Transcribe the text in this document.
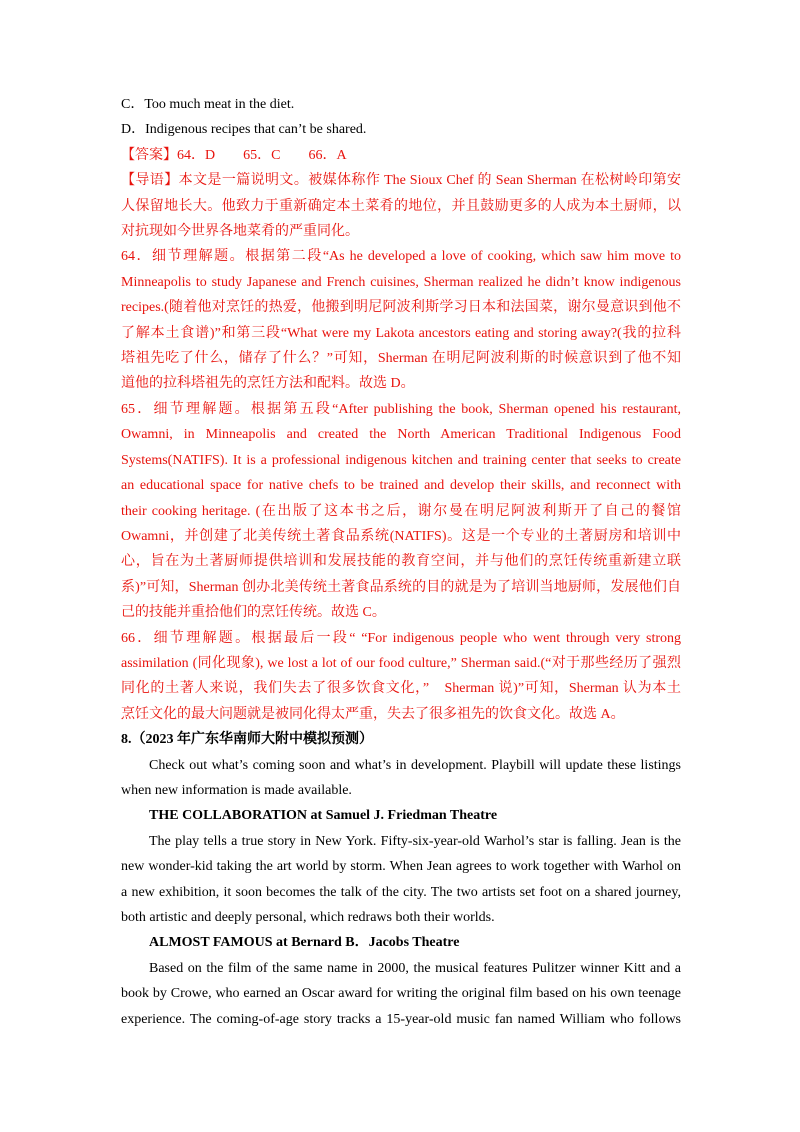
C．Too much meat in the diet.
D．Indigenous recipes that can’t be shared.
【答案】64．D　　65．C　　66．A
【导语】本文是一篇说明文。被媒体称作 The Sioux Chef 的 Sean Sherman 在松树岭印第安
人保留地长大。他致力于重新确定本土菜肴的地位，并且鼓励更多的人成为本土厨师，以
对抗现如今世界各地菜肴的严重同化。
64．细节理解题。根据第二段“As he developed a love of cooking, which saw him move to
Minneapolis to study Japanese and French cuisines, Sherman realized he didn’t know indigenous
recipes.(随着他对烹饪的热爱，他搬到明尼阿波利斯学习日本和法国菜，谢尔曼意识到他不
了解本土食谱)”和第三段“What were my Lakota ancestors eating and storing away?(我的拉科
塔祖先吃了什么，储存了什么？”可知，Sherman 在明尼阿波利斯的时候意识到了他不知
道他的拉科塔祖先的烹饪方法和配料。故选 D。
65．细节理解题。根据第五段“After publishing the book, Sherman opened his restaurant,
Owamni, in Minneapolis and created the North American Traditional Indigenous Food
Systems(NATIFS). It is a professional indigenous kitchen and training center that seeks to create
an educational space for native chefs to be trained and develop their skills, and reconnect with
their cooking heritage. (在出版了这本书之后，谢尔曼在明尼阿波利斯开了自己的餐馆
Owamni，并创建了北美传统土著食品系统(NATIFS)。这是一个专业的土著厨房和培训中
心，旨在为土著厨师提供培训和发展技能的教育空间，并与他们的烹饪传统重新建立联
系)”可知，Sherman 创办北美传统土著食品系统的目的就是为了培训当地厨师，发展他们自
己的技能并重拾他们的烹饪传统。故选 C。
66．细节理解题。根据最后一段“ “For indigenous people who went through very strong
assimilation (同化现象), we lost a lot of our food culture,” Sherman said.(“对于那些经历了强烈
同化的土著人来说，我们失去了很多饮食文化，”　Sherman 说)”可知，Sherman 认为本土
烹饪文化的最大问题就是被同化得太严重，失去了很多祖先的饮食文化。故选 A。
8.（2023 年广东华南师大附中模拟预测）
Check out what’s coming soon and what’s in development. Playbill will update these listings
when new information is made available.
THE COLLABORATION at Samuel J. Friedman Theatre
The play tells a true story in New York. Fifty-six-year-old Warhol’s star is falling. Jean is the
new wonder-kid taking the art world by storm. When Jean agrees to work together with Warhol on
a new exhibition, it soon becomes the talk of the city. The two artists set foot on a shared journey,
both artistic and deeply personal, which redraws both their worlds.
ALMOST FAMOUS at Bernard B．Jacobs Theatre
Based on the film of the same name in 2000, the musical features Pulitzer winner Kitt and a
book by Crowe, who earned an Oscar award for writing the original film based on his own teenage
experience. The coming-of-age story tracks a 15-year-old music fan named William who follows
